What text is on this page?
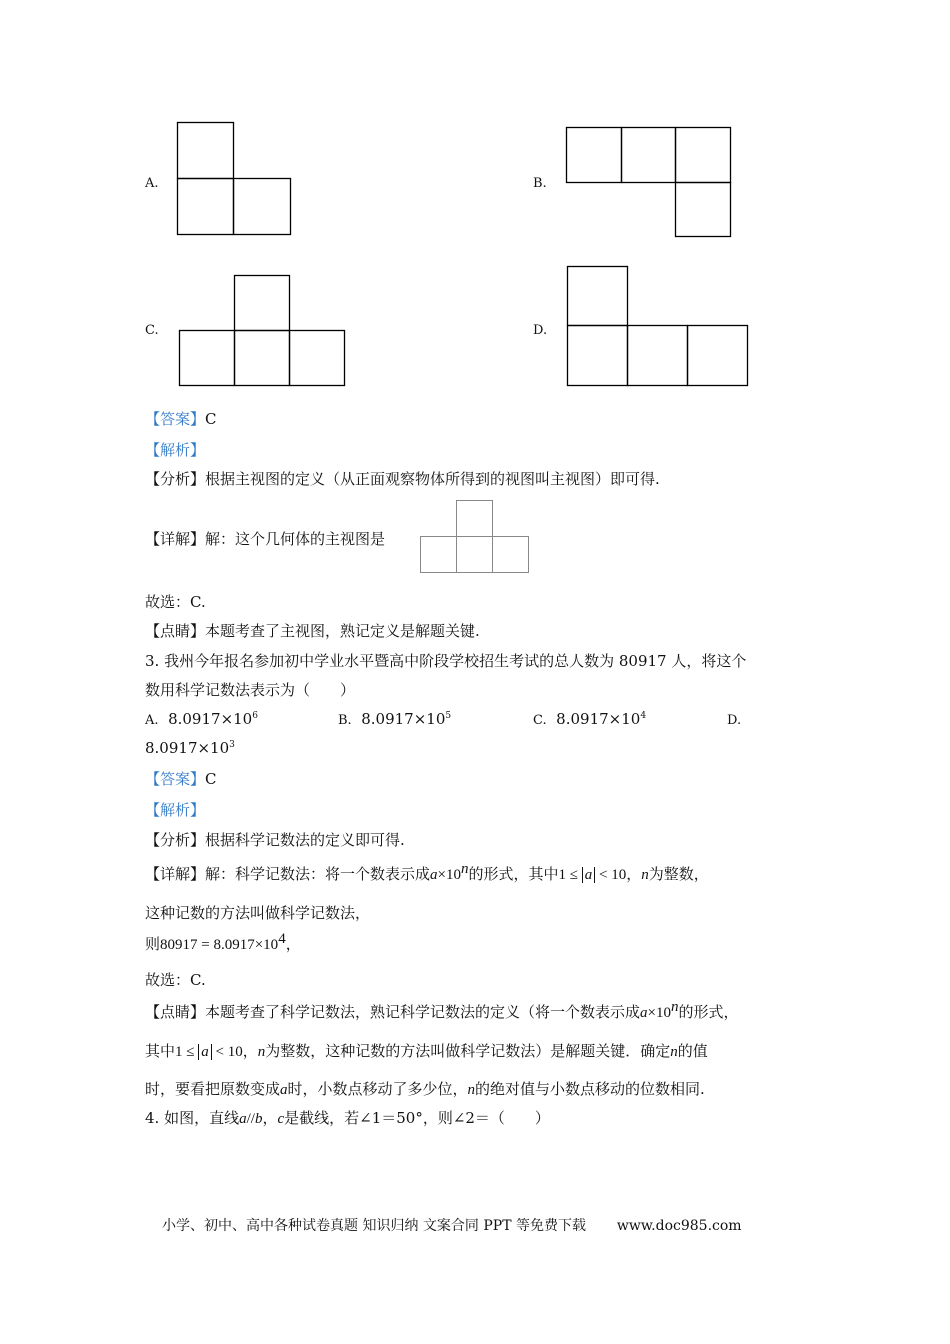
A.	B.
C.	D.
【答案】C
【解析】
【分析】根据主视图的定义（从正面观察物体所得到的视图叫主视图）即可得.
【详解】解：这个几何体的主视图是
故选：C.
【点睛】本题考查了主视图，熟记定义是解题关键.
3. 我州今年报名参加初中学业水平暨高中阶段学校招生考试的总人数为 80917 人，将这个
数用科学记数法表示为（　　）
A. $8.0917\times 10^6$	B. $8.0917\times 10^5$	C. $8.0917\times 10^4$	D.
$8.0917\times 10^3$
【答案】C
【解析】
【分析】根据科学记数法的定义即可得.
【详解】解：科学记数法：将一个数表示成$a\times 10^n$的形式，其中1 ≤ a < 10，n为整数，
这种记数的方法叫做科学记数法，
则$80917 = 8.0917\times 10^4$，
故选：C.
【点睛】本题考查了科学记数法，熟记科学记数法的定义（将一个数表示成$a\times 10^n$的形式，
其中1 ≤ a < 10，n为整数，这种记数的方法叫做科学记数法）是解题关键．确定n的值
时，要看把原数变成a时，小数点移动了多少位，n的绝对值与小数点移动的位数相同.
4. 如图，直线a//b，c是截线，若∠1＝50°，则∠2＝（　　）
小学、初中、高中各种试卷真题 知识归纳 文案合同 PPT 等免费下载 www.doc985.com
